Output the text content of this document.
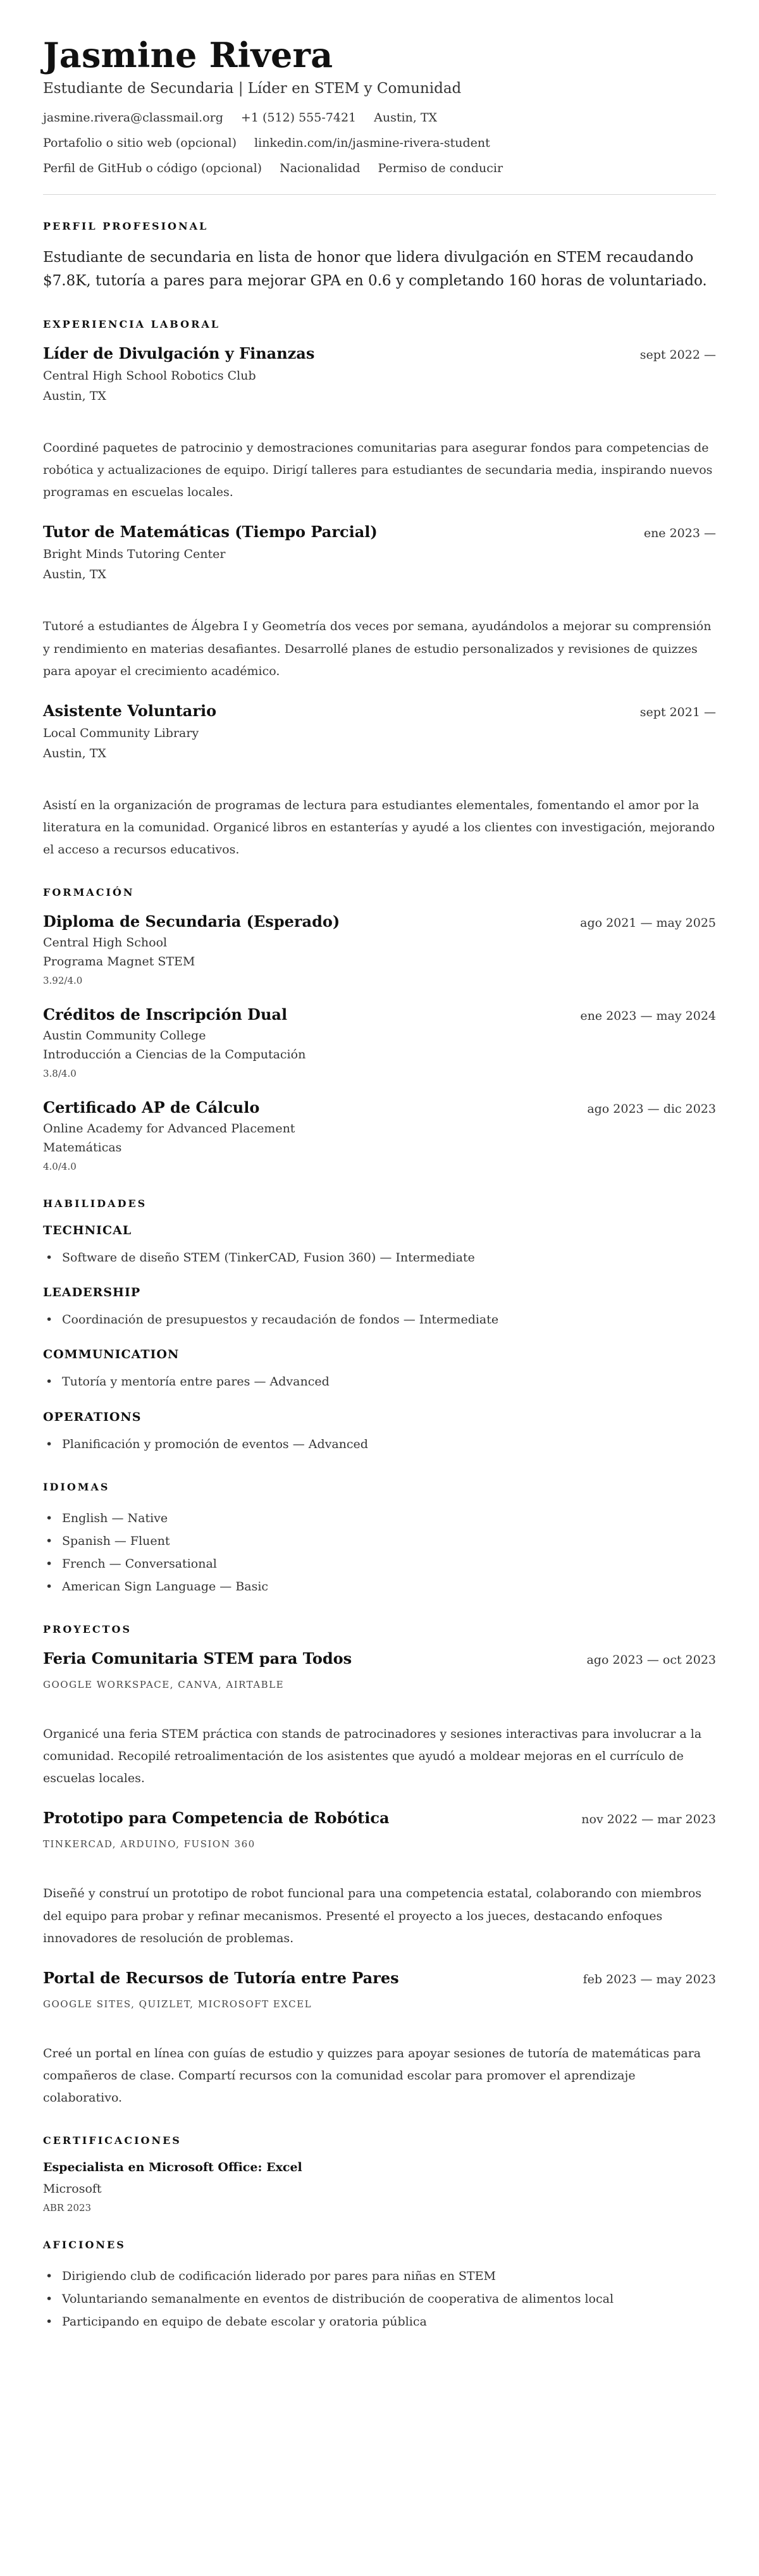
Jasmine Rivera
Estudiante de Secundaria | Líder en STEM y Comunidad
jasmine.rivera@classmail.org +1 (512) 555-7421 Austin, TX
Portafolio o sitio web (opcional) linkedin.com/in/jasmine-rivera-student
Perfil de GitHub o código (opcional) Nacionalidad Permiso de conducir
PERFIL PROFESIONAL

Estudiante de secundaria en lista de honor que lidera divulgación en STEM recaudando $7.8K, tutoría a pares para mejorar GPA en 0.6 y completando 160 horas de voluntariado.

EXPERIENCIA LABORAL
Líder de Divulgación y Finanzas	sept 2022 —
Central High School Robotics Club
Austin, TX

Coordiné paquetes de patrocinio y demostraciones comunitarias para asegurar fondos para competencias de robótica y actualizaciones de equipo. Dirigí talleres para estudiantes de secundaria media, inspirando nuevos programas en escuelas locales.

Tutor de Matemáticas (Tiempo Parcial)	ene 2023 —
Bright Minds Tutoring Center
Austin, TX

Tutoré a estudiantes de Álgebra I y Geometría dos veces por semana, ayudándolos a mejorar su comprensión y rendimiento en materias desafiantes. Desarrollé planes de estudio personalizados y revisiones de quizzes para apoyar el crecimiento académico.

Asistente Voluntario	sept 2021 —
Local Community Library
Austin, TX

Asistí en la organización de programas de lectura para estudiantes elementales, fomentando el amor por la literatura en la comunidad. Organicé libros en estanterías y ayudé a los clientes con investigación, mejorando el acceso a recursos educativos.

FORMACIÓN
Diploma de Secundaria (Esperado)	ago 2021 — may 2025
Central High School
Programa Magnet STEM
3.92/4.0
Créditos de Inscripción Dual	ene 2023 — may 2024
Austin Community College
Introducción a Ciencias de la Computación
3.8/4.0
Certificado AP de Cálculo	ago 2023 — dic 2023
Online Academy for Advanced Placement
Matemáticas
4.0/4.0
HABILIDADES
TECHNICAL
• Software de diseño STEM (TinkerCAD, Fusion 360) — Intermediate
LEADERSHIP
• Coordinación de presupuestos y recaudación de fondos — Intermediate
COMMUNICATION
• Tutoría y mentoría entre pares — Advanced
OPERATIONS
• Planificación y promoción de eventos — Advanced
IDIOMAS
• English — Native
• Spanish — Fluent
• French — Conversational
• American Sign Language — Basic
PROYECTOS
Feria Comunitaria STEM para Todos	ago 2023 — oct 2023
GOOGLE WORKSPACE, CANVA, AIRTABLE

Organicé una feria STEM práctica con stands de patrocinadores y sesiones interactivas para involucrar a la comunidad. Recopilé retroalimentación de los asistentes que ayudó a moldear mejoras en el currículo de escuelas locales.

Prototipo para Competencia de Robótica	nov 2022 — mar 2023
TINKERCAD, ARDUINO, FUSION 360

Diseñé y construí un prototipo de robot funcional para una competencia estatal, colaborando con miembros del equipo para probar y refinar mecanismos. Presenté el proyecto a los jueces, destacando enfoques innovadores de resolución de problemas.

Portal de Recursos de Tutoría entre Pares	feb 2023 — may 2023
GOOGLE SITES, QUIZLET, MICROSOFT EXCEL

Creé un portal en línea con guías de estudio y quizzes para apoyar sesiones de tutoría de matemáticas para compañeros de clase. Compartí recursos con la comunidad escolar para promover el aprendizaje colaborativo.

CERTIFICACIONES
Especialista en Microsoft Office: Excel
Microsoft
ABR 2023
AFICIONES
• Dirigiendo club de codificación liderado por pares para niñas en STEM
• Voluntariando semanalmente en eventos de distribución de cooperativa de alimentos local
• Participando en equipo de debate escolar y oratoria pública
